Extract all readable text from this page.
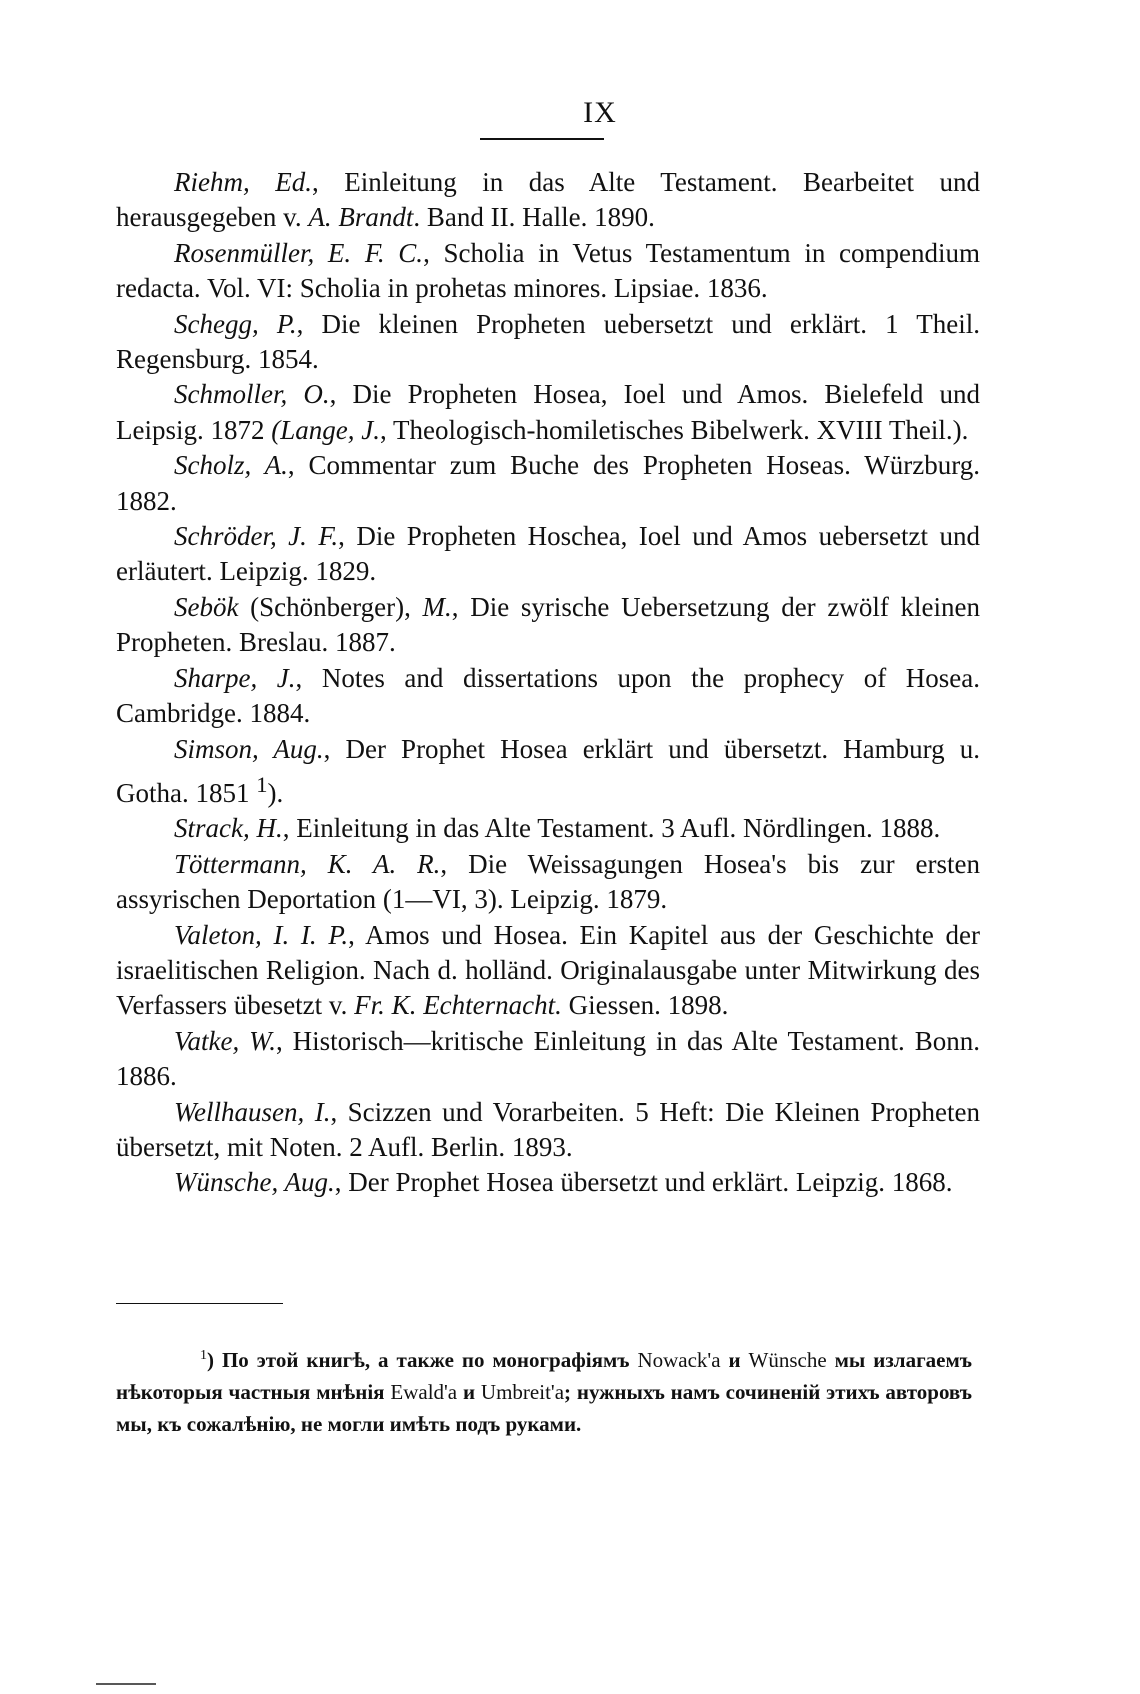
IX

Riehm, Ed., Einleitung in das Alte Testament. Bearbeitet und herausgegeben v. A. Brandt. Band II. Halle. 1890.

Rosenmüller, E. F. C., Scholia in Vetus Testamentum in compendium redacta. Vol. VI: Scholia in prohetas minores. Lipsiae. 1836.

Schegg, P., Die kleinen Propheten uebersetzt und erklärt. 1 Theil. Regensburg. 1854.

Schmoller, O., Die Propheten Hosea, Ioel und Amos. Bielefeld und Leipsig. 1872 (Lange, J., Theologisch-homiletisches Bibelwerk. XVIII Theil.).

Scholz, A., Commentar zum Buche des Propheten Hoseas. Würzburg. 1882.

Schröder, J. F., Die Propheten Hoschea, Ioel und Amos uebersetzt und erläutert. Leipzig. 1829.

Sebök (Schönberger), M., Die syrische Uebersetzung der zwölf kleinen Propheten. Breslau. 1887.

Sharpe, J., Notes and dissertations upon the prophecy of Hosea. Cambridge. 1884.

Simson, Aug., Der Prophet Hosea erklärt und übersetzt. Hamburg u. Gotha. 1851 $^1$).

Strack, H., Einleitung in das Alte Testament. 3 Aufl. Nördlingen. 1888.

Töttermann, K. A. R., Die Weissagungen Hosea's bis zur ersten assyrischen Deportation (1—VI, 3). Leipzig. 1879.

Valeton, I. I. P., Amos und Hosea. Ein Kapitel aus der Geschichte der israelitischen Religion. Nach d. holländ. Originalausgabe unter Mitwirkung des Verfassers übesetzt v. Fr. K. Echternacht. Giessen. 1898.

Vatke, W., Historisch—kritische Einleitung in das Alte Testament. Bonn. 1886.

Wellhausen, I., Scizzen und Vorarbeiten. 5 Heft: Die Kleinen Propheten übersetzt, mit Noten. 2 Aufl. Berlin. 1893.

Wünsche, Aug., Der Prophet Hosea übersetzt und erklärt. Leipzig. 1868.

$^1$) По этой книгѣ, а также по монографіямъ Nowack'a и Wünsche мы излагаемъ нѣкоторыя частныя мнѣнія Ewald'a и Umbreit'a; нужныхъ намъ сочиненій этихъ авторовъ мы, къ сожалѣнію, не могли имѣть подъ руками.
